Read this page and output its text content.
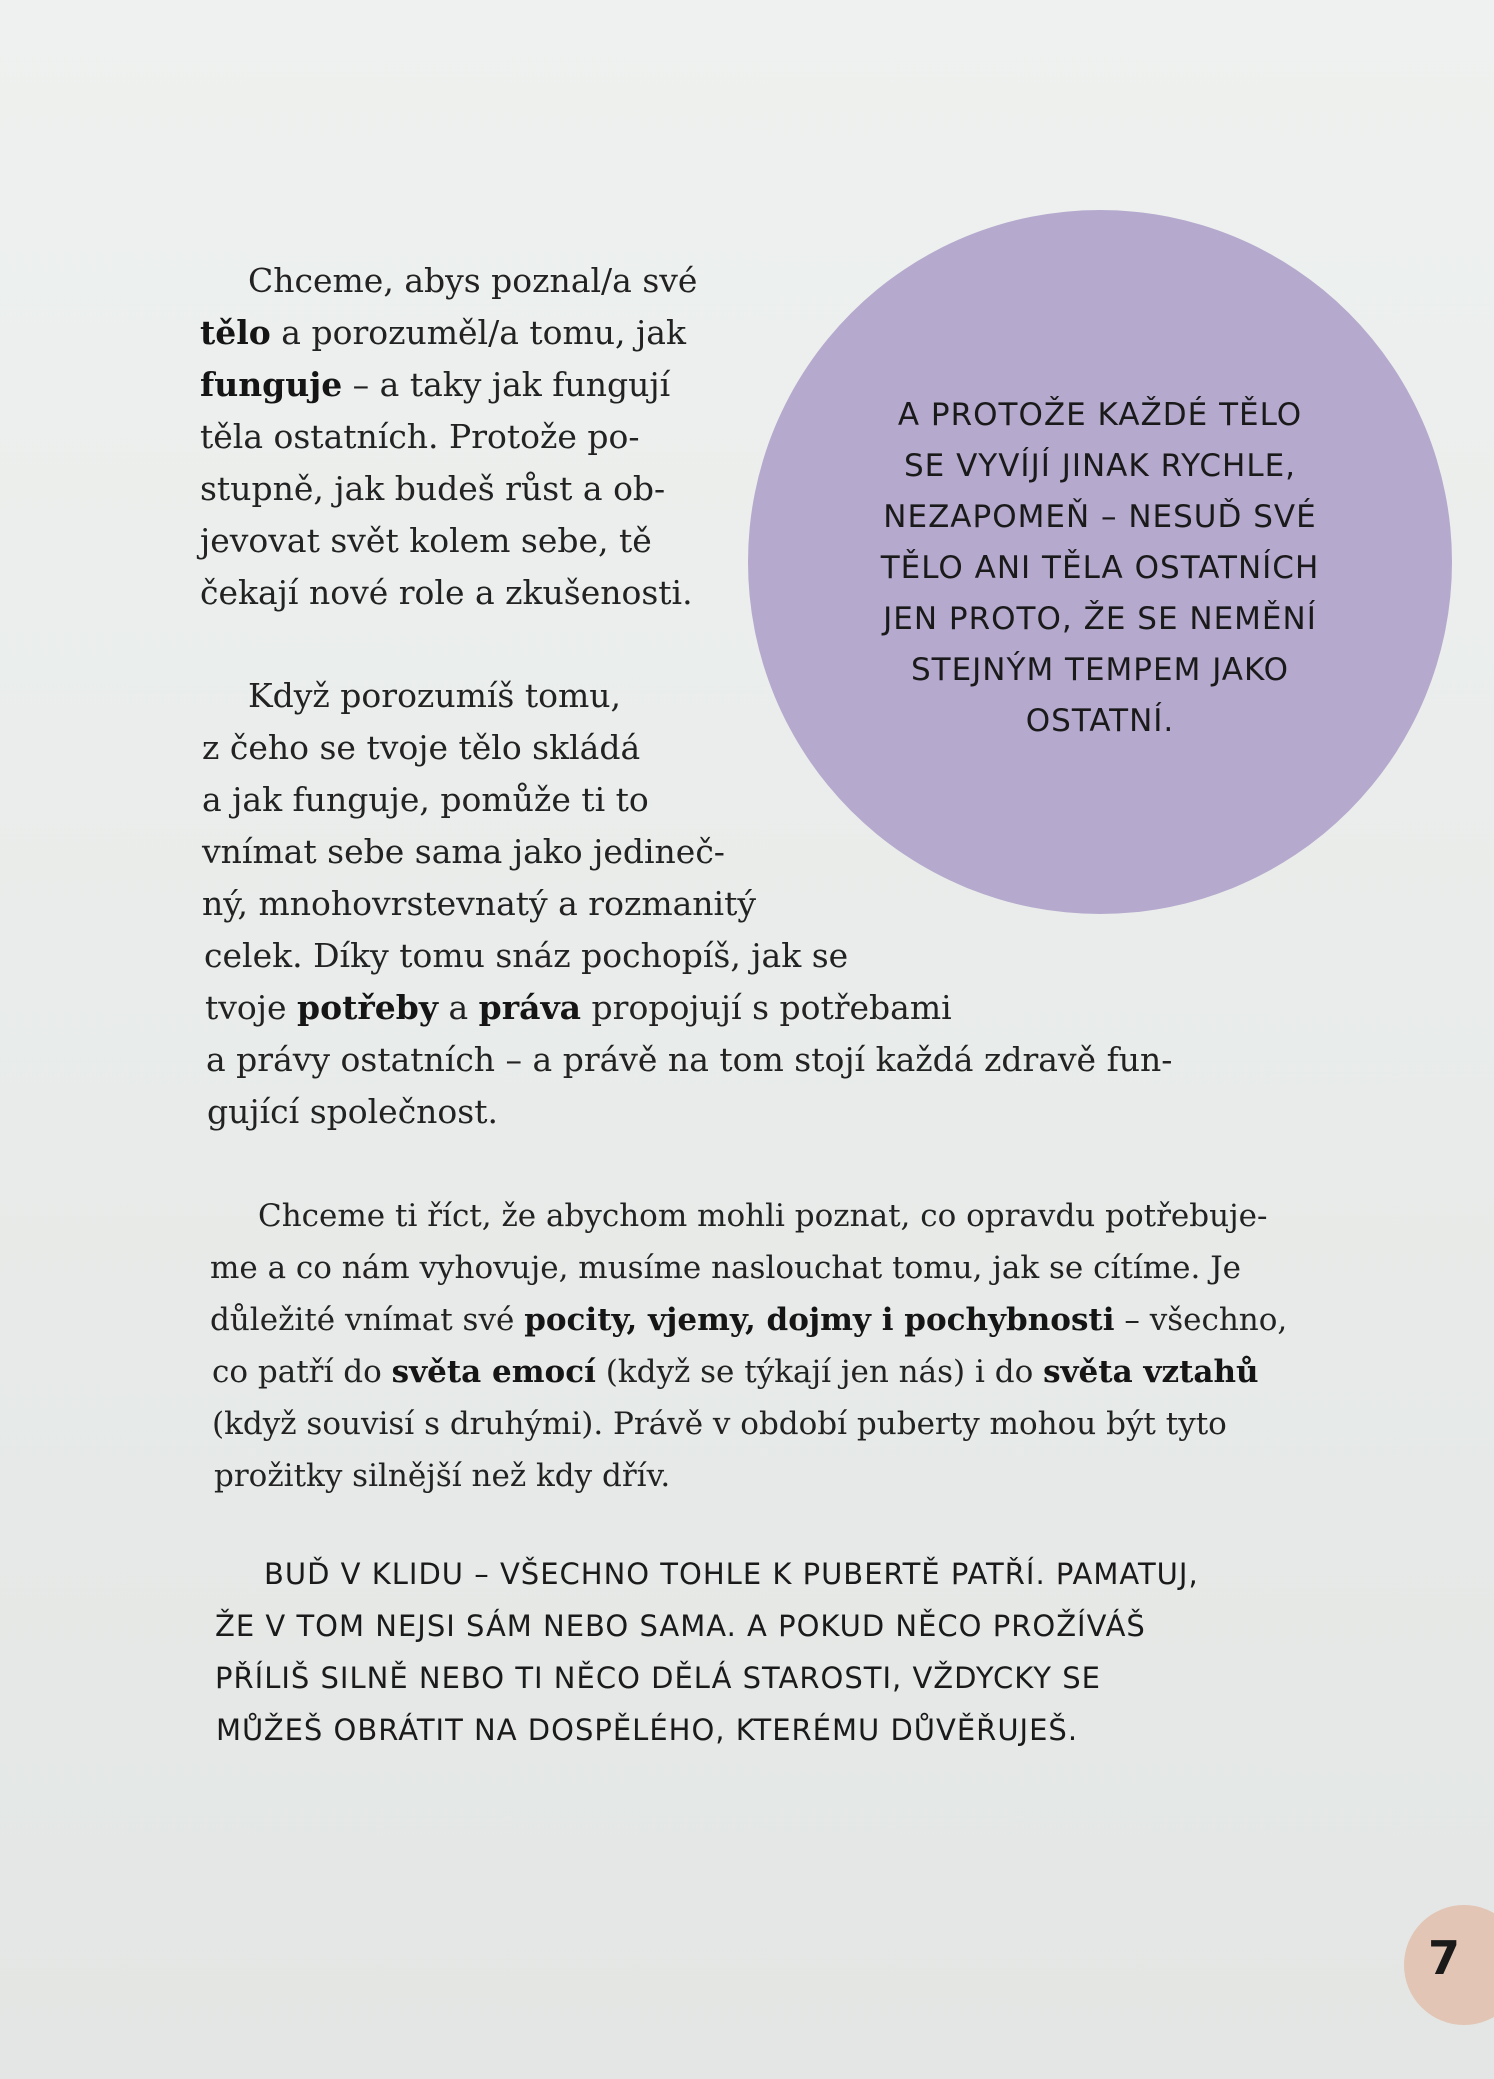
A PROTOŽE KAŽDÉ TĚLO
SE VYVÍJÍ JINAK RYCHLE,
NEZAPOMEŇ – NESUĎ SVÉ
TĚLO ANI TĚLA OSTATNÍCH
JEN PROTO, ŽE SE NEMĚNÍ
STEJNÝM TEMPEM JAKO
OSTATNÍ.

Chceme, abys poznal/a své

tělo a porozuměl/a tomu, jak

funguje – a taky jak fungují

těla ostatních. Protože po-

stupně, jak budeš růst a ob-

jevovat svět kolem sebe, tě

čekají nové role a zkušenosti.

Když porozumíš tomu,

z čeho se tvoje tělo skládá

a jak funguje, pomůže ti to

vnímat sebe sama jako jedineč-

ný, mnohovrstevnatý a rozmanitý

celek. Díky tomu snáz pochopíš, jak se

tvoje potřeby a práva propojují s potřebami

a právy ostatních – a právě na tom stojí každá zdravě fun-

gující společnost.

Chceme ti říct, že abychom mohli poznat, co opravdu potřebuje-

me a co nám vyhovuje, musíme naslouchat tomu, jak se cítíme. Je

důležité vnímat své pocity, vjemy, dojmy i pochybnosti – všechno,

co patří do světa emocí (když se týkají jen nás) i do světa vztahů

(když souvisí s druhými). Právě v období puberty mohou být tyto

prožitky silnější než kdy dřív.

BUĎ V KLIDU – VŠECHNO TOHLE K PUBERTĚ PATŘÍ. PAMATUJ,

ŽE V TOM NEJSI SÁM NEBO SAMA. A POKUD NĚCO PROŽÍVÁŠ

PŘÍLIŠ SILNĚ NEBO TI NĚCO DĚLÁ STAROSTI, VŽDYCKY SE

MŮŽEŠ OBRÁTIT NA DOSPĚLÉHO, KTERÉMU DŮVĚŘUJEŠ.

7
